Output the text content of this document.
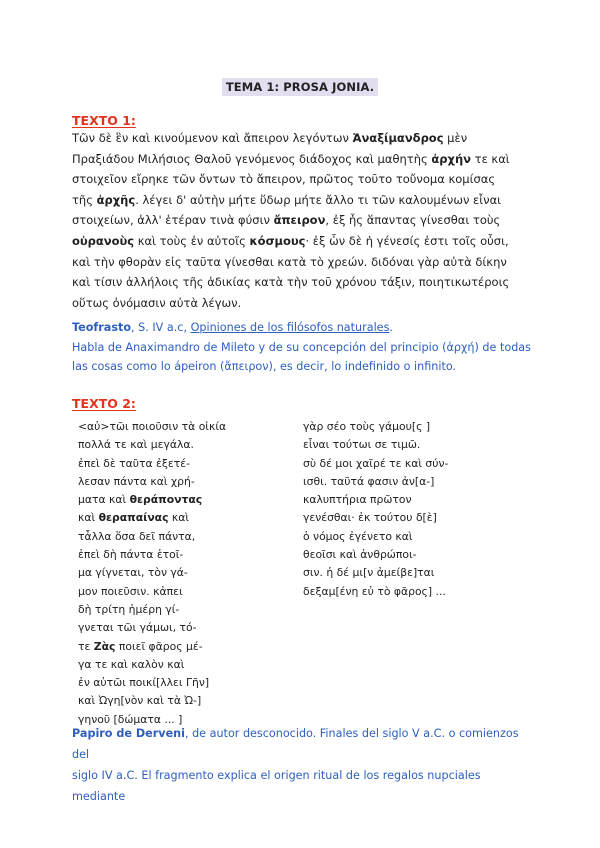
TEMA 1: PROSA JONIA.
TEXTO 1:
Τῶν δὲ ἓν καὶ κινούμενον καὶ ἄπειρον λεγόντων Ἀναξίμανδρος μὲν
Πραξιάδου Μιλήσιος Θαλοῦ γενόμενος διάδοχος καὶ μαθητὴς ἀρχήν τε καὶ
στοιχεῖον εἴρηκε τῶν ὄντων τὸ ἄπειρον, πρῶτος τοῦτο τοὔνομα κομίσας
τῆς ἀρχῆς. λέγει δ' αὐτὴν μήτε ὕδωρ μήτε ἄλλο τι τῶν καλουμένων εἶναι
στοιχείων, ἀλλ' ἑτέραν τινὰ φύσιν ἄπειρον, ἐξ ἧς ἅπαντας γίνεσθαι τοὺς
οὐρανοὺς καὶ τοὺς ἐν αὐτοῖς κόσμους· ἐξ ὧν δὲ ἡ γένεσίς ἐστι τοῖς οὖσι,
καὶ τὴν φθορὰν εἰς ταῦτα γίνεσθαι κατὰ τὸ χρεών. διδόναι γὰρ αὐτὰ δίκην
καὶ τίσιν ἀλλήλοις τῆς ἀδικίας κατὰ τὴν τοῦ χρόνου τάξιν, ποιητικωτέροις
οὕτως ὀνόμασιν αὐτὰ λέγων.
Teofrasto, S. IV a.c, Opiniones de los filósofos naturales.
Habla de Anaximandro de Mileto y de su concepción del principio (ἀρχή) de todas
las cosas como lo ápeiron (ἄπειρον), es decir, lo indefinido o infinito.
TEXTO 2:
<αὐ>τῶι ποιοῦσιν τὰ οἰκία
πολλά τε καὶ μεγάλα.
ἐπεὶ δὲ ταῦτα ἐξετέ-
λεσαν πάντα καὶ χρή-
ματα καὶ θεράποντας
καὶ θεραπαίνας καὶ
τἆλλα ὅσα δεῖ πάντα,
ἐπεὶ δὴ πάντα ἑτοῖ-
μα γίγνεται, τὸν γά-
μον ποιεῦσιν. κἀπει
δὴ τρίτη ἡμέρη γί-
γνεται τῶι γάμωι, τό-
τε Ζὰς ποιεῖ φᾶρος μέ-
γα τε καὶ καλὸν καὶ
ἐν αὐτῶι ποικί[λλει Γῆν]
καὶ Ὠγη[νὸν καὶ τὰ Ὠ-]
γηνοῦ [δώματα ... ]
γὰρ σέο τοὺς γάμου[ς ]
εἶναι τούτωι σε τιμῶ.
σὺ δέ μοι χαῖρέ τε καὶ σύν-
ισθι. ταῦτά φασιν ἀν[α-]
καλυπτήρια πρῶτον
γενέσθαι· ἐκ τούτου δ[ὲ]
ὁ νόμος ἐγένετο καὶ
θεοῖσι καὶ ἀνθρώποι-
σιν. ἡ δέ μι[ν ἀμείβε]ται
δεξαμ[ένη εὐ τὸ φᾶρος] ...
Papiro de Derveni, de autor desconocido. Finales del siglo V a.C. o comienzos del
siglo IV a.C. El fragmento explica el origen ritual de los regalos nupciales mediante
